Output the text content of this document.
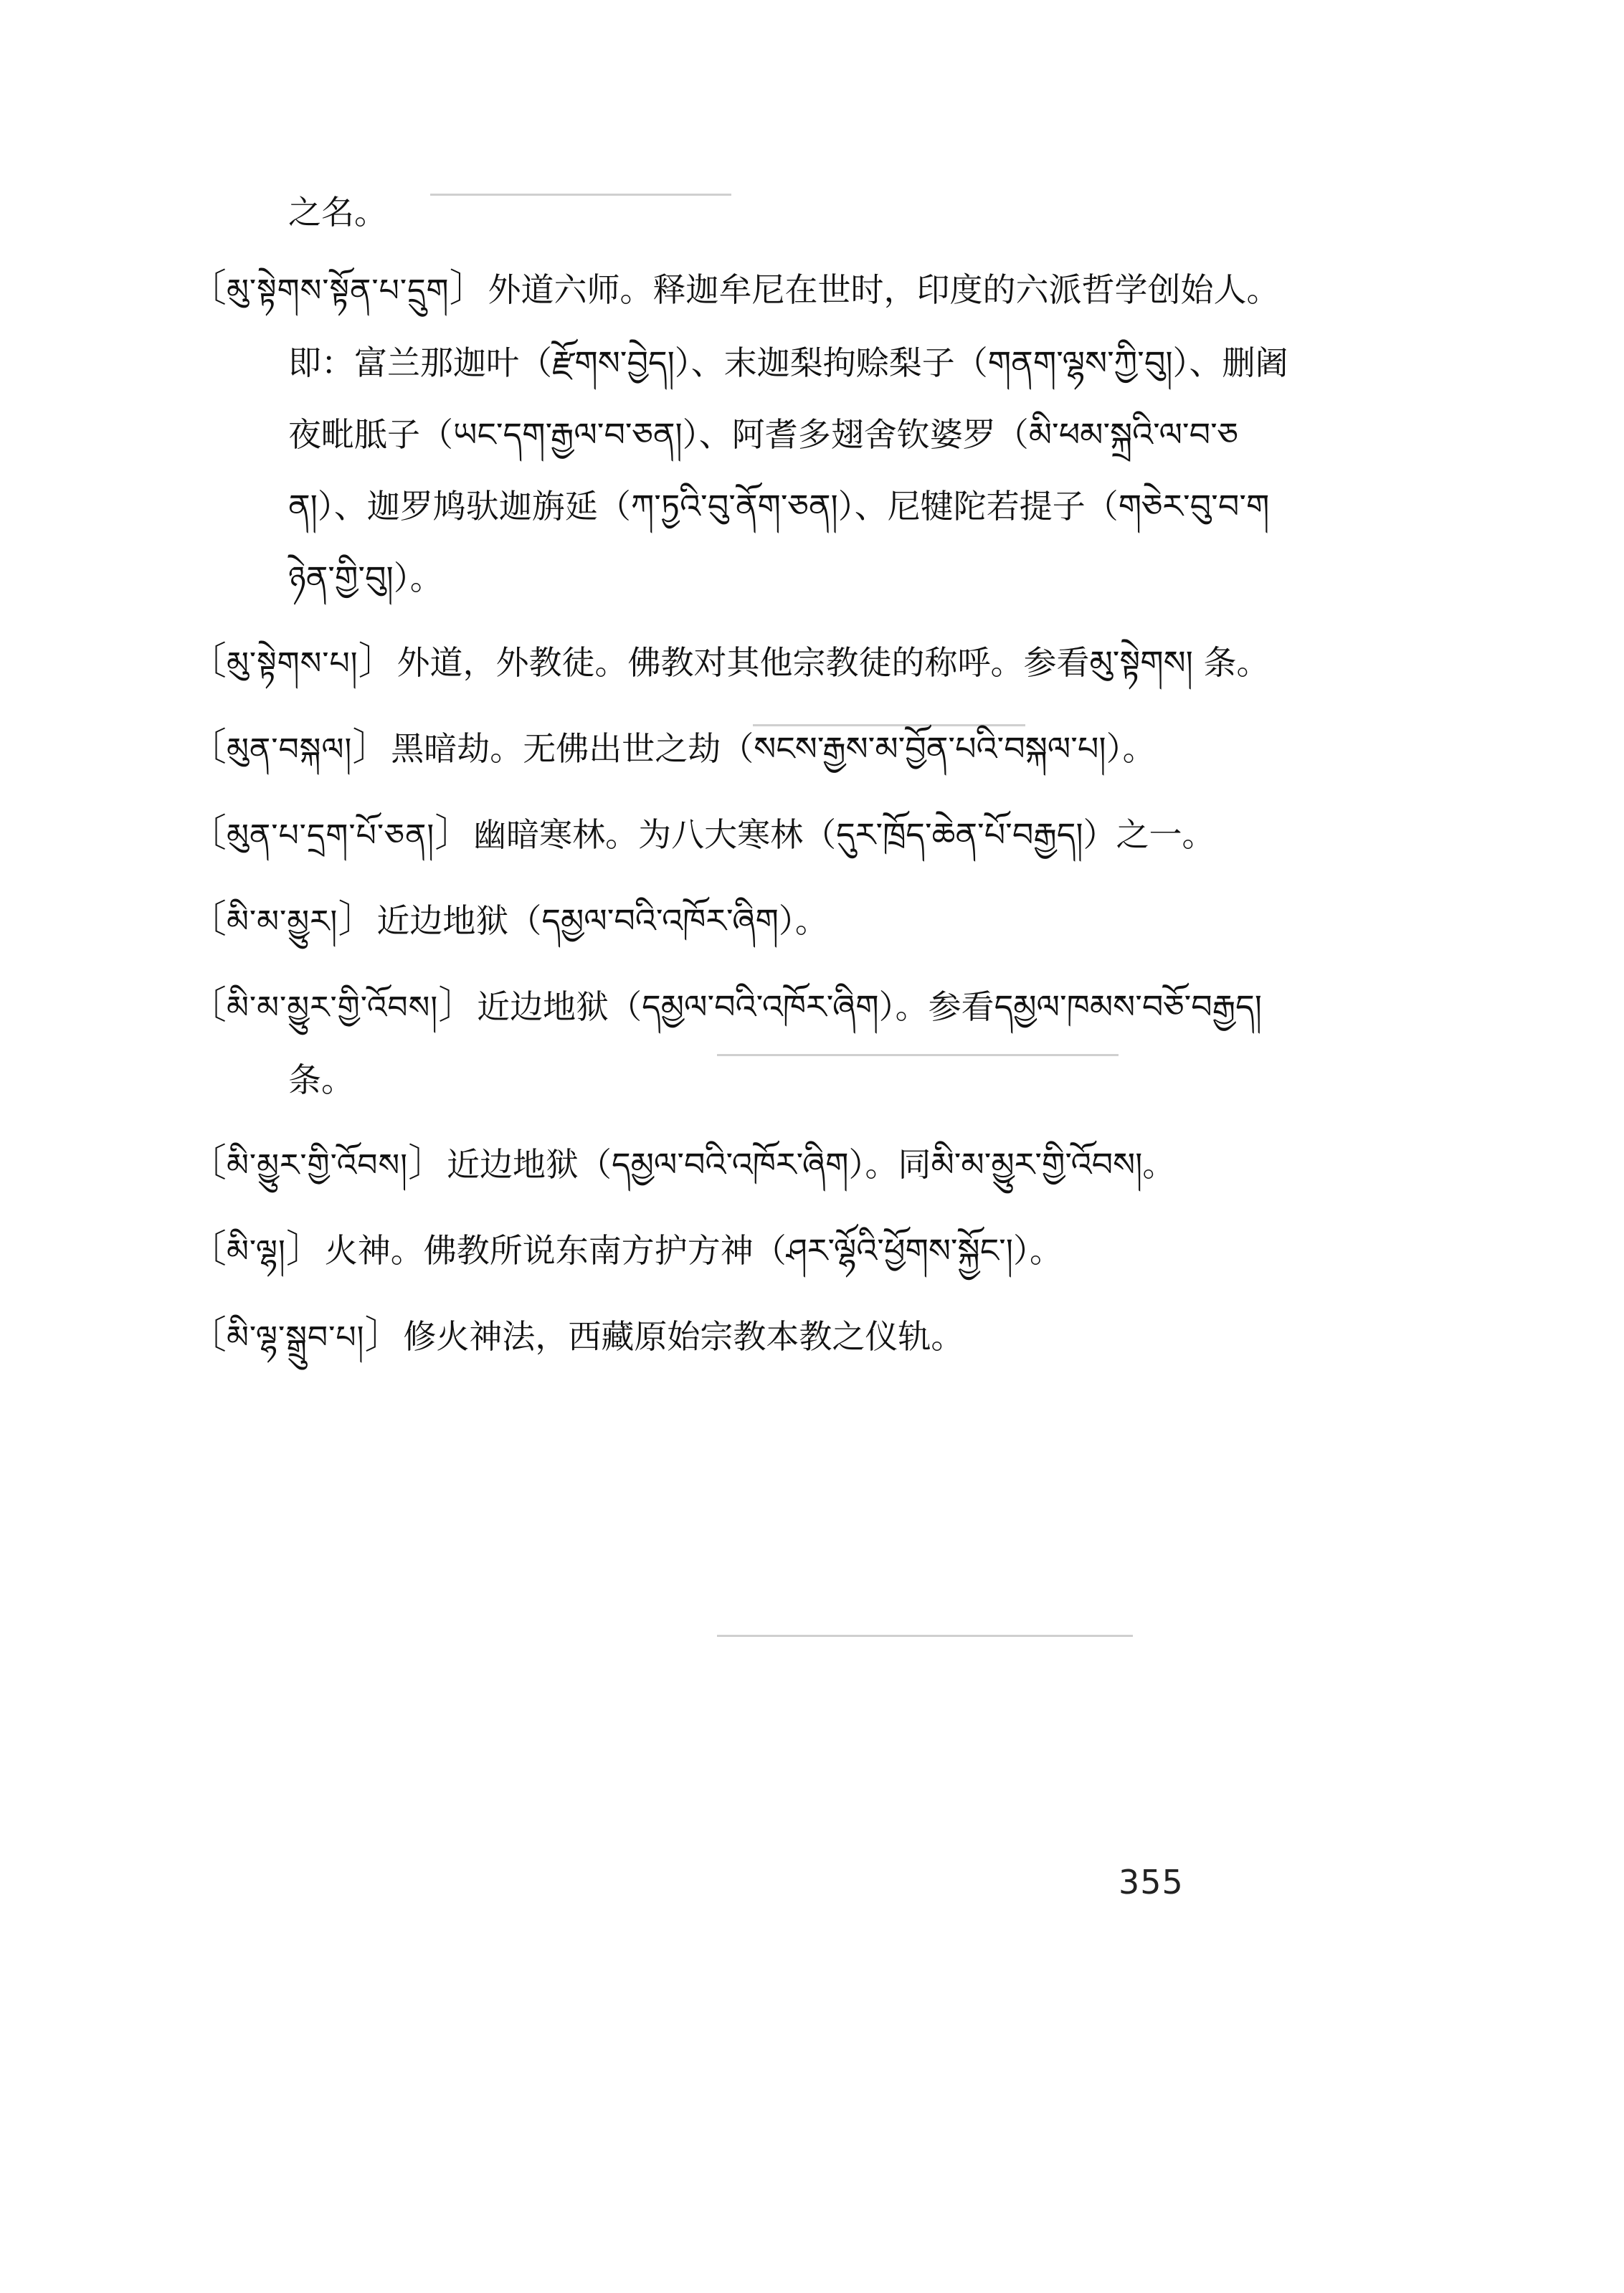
之名。
〔མུ་སྟེགས་སྟོན་པ་དྲུག〕外道六师。释迦牟尼在世时，印度的六派哲学创始人。即：富兰那迦叶（རྫོགས་བྱེད།）、末迦梨拘赊梨子（གནག་ལྷས་ཀྱི་བུ།）、删阇夜毗胝子（ཡང་དག་རྒྱལ་བ་ཅན།）、阿耆多翅舍钦婆罗（མི་ཕམ་སྐྲའི་ལ་བ་ཅན།）、迦罗鸠驮迦旃延（ཀ་ཏྱའི་བུ་ནོག་ཅན།）、尼犍陀若提子（གཅེར་བུ་བ་གཉེན་གྱི་བུ།）。
〔མུ་སྟེགས་པ།〕外道，外教徒。佛教对其他宗教徒的称呼。参看མུ་སྟེགས། 条。
〔མུན་བསྐལ།〕黑暗劫。无佛出世之劫（སངས་རྒྱས་མ་བྱོན་པའི་བསྐལ་པ།）。
〔མུན་པ་དྲག་པོ་ཅན།〕幽暗寒林。为八大寒林（དུར་ཁྲོད་ཆེན་པོ་བརྒྱད།）之一。
〔མི་མ་མྱུར།〕近边地狱（དམྱལ་བའི་འཁོར་ཞིག）。
〔མི་མ་མྱུར་གྱི་འོབས།〕近边地狱（དམྱལ་བའི་འཁོར་ཞིག）。参看དམྱལ་ཁམས་བཅོ་བརྒྱད། 条。
〔མི་མྱུར་གྱི་འོབས།〕近边地狱（དམྱལ་བའི་འཁོར་ཞིག）。同མི་མ་མྱུར་གྱི་འོབས།。
〔མི་ལྷ།〕火神。佛教所说东南方护方神（ཤར་ལྷོའི་ཕྱོགས་སྐྱོང་།）。
〔མི་ལྷ་སྒྲུབ་པ།〕修火神法，西藏原始宗教本教之仪轨。
355
